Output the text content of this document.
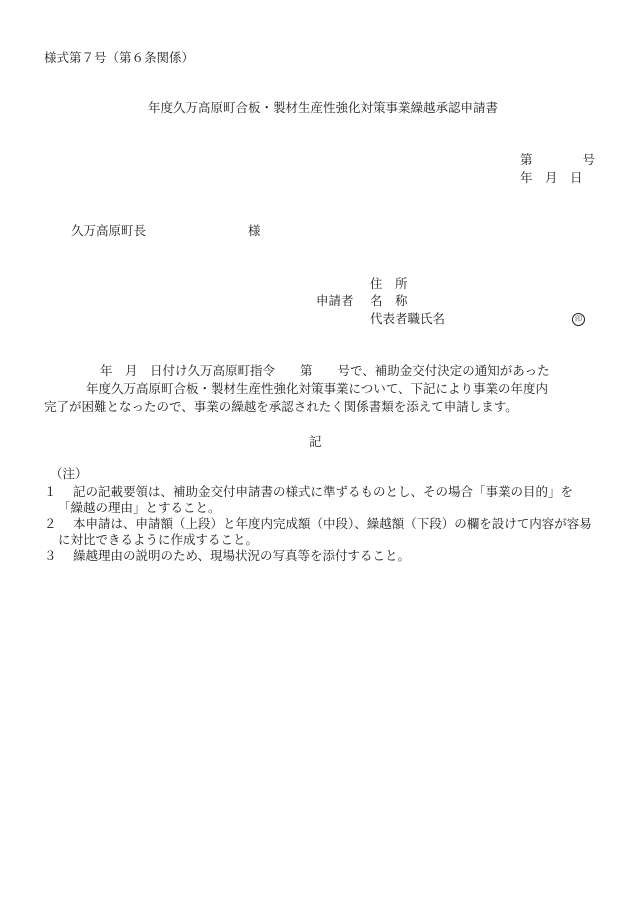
様式第７号（第６条関係）
年度久万高原町合板・製材生産性強化対策事業繰越承認申請書
第　　　　号
年　月　日
久万高原町長	様
申請者
住　所
名　称
代表者職氏名	印
年　月　日付け久万高原町指令　　第　　号で、補助金交付決定の通知があった
年度久万高原町合板・製材生産性強化対策事業について、下記により事業の年度内
完了が困難となったので、事業の繰越を承認されたく関係書類を添えて申請します。
記
（注）
１　 記の記載要領は、補助金交付申請書の様式に準ずるものとし、その場合「事業の目的」を
「繰越の理由」とすること。
２　 本申請は、申請額（上段）と年度内完成額（中段）、繰越額（下段）の欄を設けて内容が容易
に対比できるように作成すること。
３　 繰越理由の説明のため、現場状況の写真等を添付すること。
